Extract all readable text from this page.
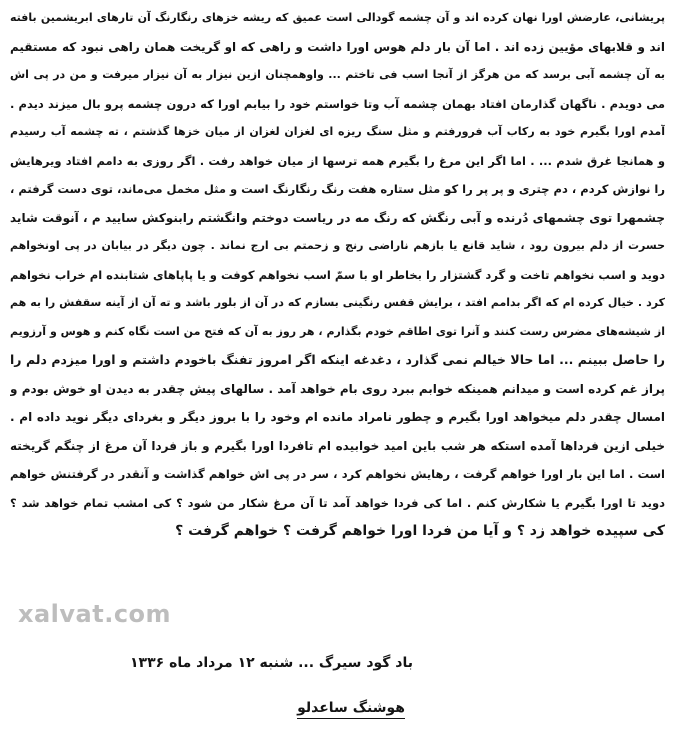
پریشانی، عارضش اورا نهان کرده اند و آن چشمه گودالی است عمیق که ریشه خزهای رنگارنگ آن تارهای ابریشمین بافته
اند و قلابهای مؤیین زده اند . اما آن بار دلم هوس اورا داشت و راهی که او گریخت همان راهی نبود که مستقیم
به آن چشمه آبی برسد که من هرگز از آنجا اسب فی تاختم ... واوهمچنان ازین نیزار به آن نیزار میرفت و من در پی اش
می دویدم . ناگهان گذارمان افتاد بهمان چشمه آب وتا خواستم خود را بیابم اورا که درون چشمه پرو بال میزند دیدم .
آمدم اورا بگیرم خود به رکاب آب فرورفتم و مثل سنگ ریزه ای لغزان لغزان از میان خزها گذشتم ، ته چشمه آب رسیدم
و همانجا غرق شدم ... . اما اگر این مرغ را بگیرم همه ترسها از میان خواهد رفت . اگر روزی به دامم افتاد ویرهایش
را نوازش کردم ، دم چتری و پر پر را کو مثل ستاره هفت رنگ رنگارنگ است و مثل مخمل می‌ماند، توی دست گرفتم ،
چشمهرا توی چشمهای دُرنده و آبی رنگش که رنگ مه در ریاست دوختم وانگشتم رابنوکش سایید م ، آنوقت شاید
حسرت از دلم بیرون رود ، شاید قانع یا بازهم ناراضی رنج و زحمتم بی ارج نماند . چون دیگر در بیابان در پی اونخواهم
دوید و اسب نخواهم تاخت و گرد گشتزار را بخاطر او با سمّ اسب نخواهم کوفت و یا پاپاهای شتابنده ام خراب نخواهم
کرد . خیال کرده ام که اگر بدامم افتد ، برایش قفس رنگینی بسازم که در آن از بلور باشد و ته آن از آینه سقفش را به هم
از شیشه‌های مضرس رست کنند و آنرا توی اطاقم خودم بگذارم ، هر روز به آن که فتح من است نگاه کنم و هوس و آرزویم
را حاصل ببینم ... اما حالا خیالم نمی گذارد ، دغدغه اینکه اگر امروز تفنگ باخودم داشتم و اورا میزدم دلم را
پراز غم کرده است و میدانم همینکه خوابم ببرد روی بام خواهد آمد . سالهای پیش چقدر به دیدن او خوش بودم و
امسال چقدر دلم میخواهد اورا بگیرم و چطور نامراد مانده ام وخود را با بروز دیگر و بغردای دیگر نوید داده ام .
خیلی ازین فرداها آمده استکه هر شب باین امید خوابیده ام تافردا اورا بگیرم و باز فردا آن مرغ از چنگم گریخته
است . اما این بار اورا خواهم گرفت ، رهایش نخواهم کرد ، سر در پی اش خواهم گذاشت و آنقدر در گرفتنش خواهم
دوید تا اورا بگیرم یا شکارش کنم . اما کی فردا خواهد آمد تا آن مرغ شکار من شود ؟ کی امشب تمام خواهد شد ؟
کی سپیده خواهد زد ؟ و آیا من فردا اورا خواهم گرفت ؟ خواهم گرفت ؟
xalvat.com
باد گود سیرگ ... شنبه ۱۲ مرداد ماه ۱۳۳۶
هوشنگ ساعدلو
